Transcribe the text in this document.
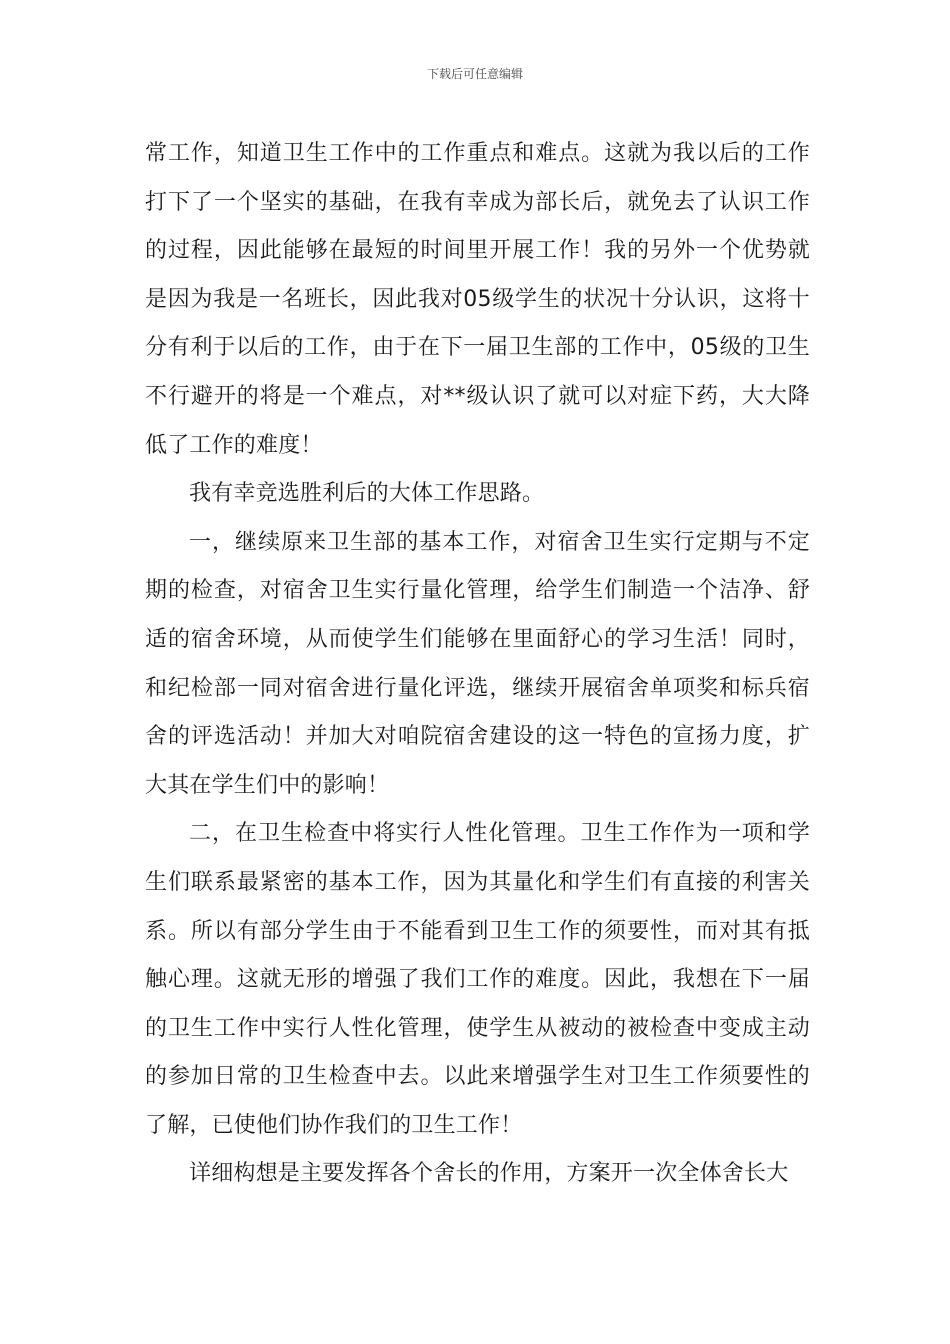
下载后可任意编辑

常工作，知道卫生工作中的工作重点和难点。这就为我以后的工作打下了一个坚实的基础，在我有幸成为部长后，就免去了认识工作的过程，因此能够在最短的时间里开展工作！我的另外一个优势就是因为我是一名班长，因此我对05级学生的状况十分认识，这将十分有利于以后的工作，由于在下一届卫生部的工作中，05级的卫生不行避开的将是一个难点，对**级认识了就可以对症下药，大大降低了工作的难度！

我有幸竞选胜利后的大体工作思路。

一，继续原来卫生部的基本工作，对宿舍卫生实行定期与不定期的检查，对宿舍卫生实行量化管理，给学生们制造一个洁净、舒适的宿舍环境，从而使学生们能够在里面舒心的学习生活！同时，和纪检部一同对宿舍进行量化评选，继续开展宿舍单项奖和标兵宿舍的评选活动！并加大对咱院宿舍建设的这一特色的宣扬力度，扩大其在学生们中的影响！

二，在卫生检查中将实行人性化管理。卫生工作作为一项和学生们联系最紧密的基本工作，因为其量化和学生们有直接的利害关系。所以有部分学生由于不能看到卫生工作的须要性，而对其有抵触心理。这就无形的增强了我们工作的难度。因此，我想在下一届的卫生工作中实行人性化管理，使学生从被动的被检查中变成主动的参加日常的卫生检查中去。以此来增强学生对卫生工作须要性的了解，已使他们协作我们的卫生工作！

详细构想是主要发挥各个舍长的作用，方案开一次全体舍长大
